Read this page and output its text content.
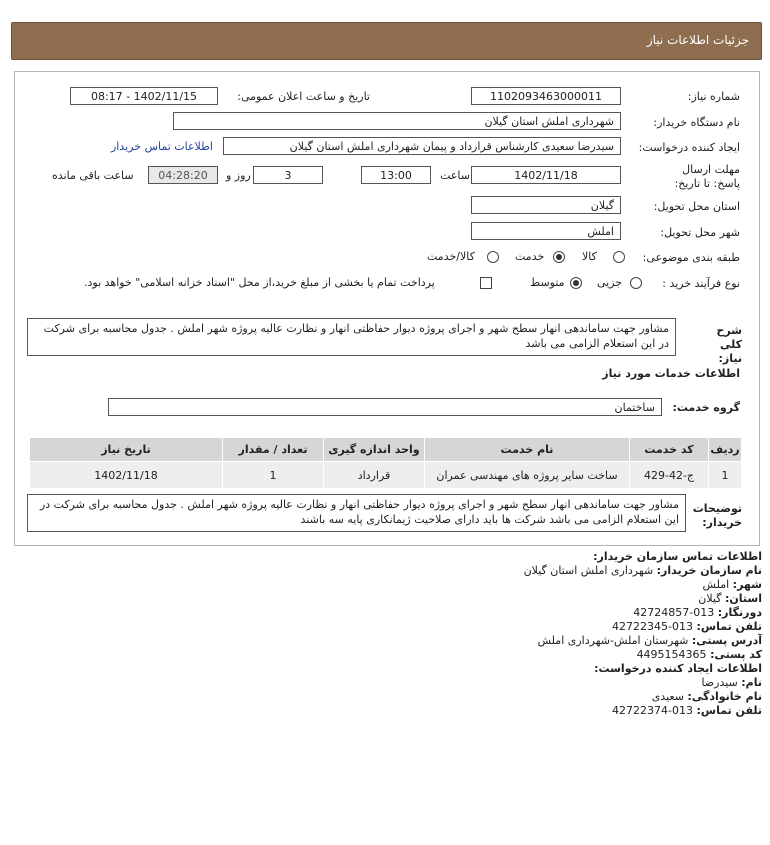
جزئیات اطلاعات نیاز
شماره نیاز:
1102093463000011
تاریخ و ساعت اعلان عمومی:
1402/11/15 - 08:17
نام دستگاه خریدار:
شهرداری املش استان گیلان
ایجاد کننده درخواست:
سیدرضا سعیدی کارشناس قرارداد و پیمان شهرداری املش استان گیلان
اطلاعات تماس خریدار
مهلت ارسال پاسخ: تا تاریخ:
1402/11/18
ساعت
13:00
3
روز و
04:28:20
ساعت باقی مانده
استان محل تحویل:
گیلان
شهر محل تحویل:
املش
طبقه بندی موضوعی:
کالا
خدمت
کالا/خدمت
نوع فرآیند خرید :
جزیی
متوسط
پرداخت تمام یا بخشی از مبلغ خرید،از محل "اسناد خزانه اسلامی" خواهد بود.
شرح کلی نیاز:
مشاور جهت ساماندهی انهار سطح شهر و اجرای پروژه دیوار حفاظتی انهار و نظارت عالیه پروژه شهر املش . جدول محاسبه برای شرکت در این استعلام الزامی می باشد
اطلاعات خدمات مورد نیاز
گروه خدمت:
ساختمان
ردیف	کد خدمت	نام خدمت	واحد اندازه گیری	تعداد / مقدار	تاریخ نیاز
1	ج-42-429	ساخت سایر پروژه های مهندسی عمران	قرارداد	1	1402/11/18
توضیحات خریدار:
مشاور جهت ساماندهی انهار سطح شهر و اجرای پروژه دیوار حفاظتی انهار و نظارت عالیه پروژه شهر املش . جدول محاسبه برای شرکت در این استعلام الزامی می باشد شرکت ها باید دارای صلاحیت ژیمانکاری پایه سه باشند
اطلاعات تماس سازمان خریدار:
نام سازمان خریدار: شهرداری املش استان گیلان
شهر: املش
استان: گیلان
دورنگار: 013-42724857
تلفن تماس: 013-42722345
آدرس پستی: شهرستان املش-شهرداری املش
کد پستی: 4495154365
اطلاعات ایجاد کننده درخواست:
نام: سیدرضا
نام خانوادگی: سعیدی
تلفن تماس: 013-42722374
